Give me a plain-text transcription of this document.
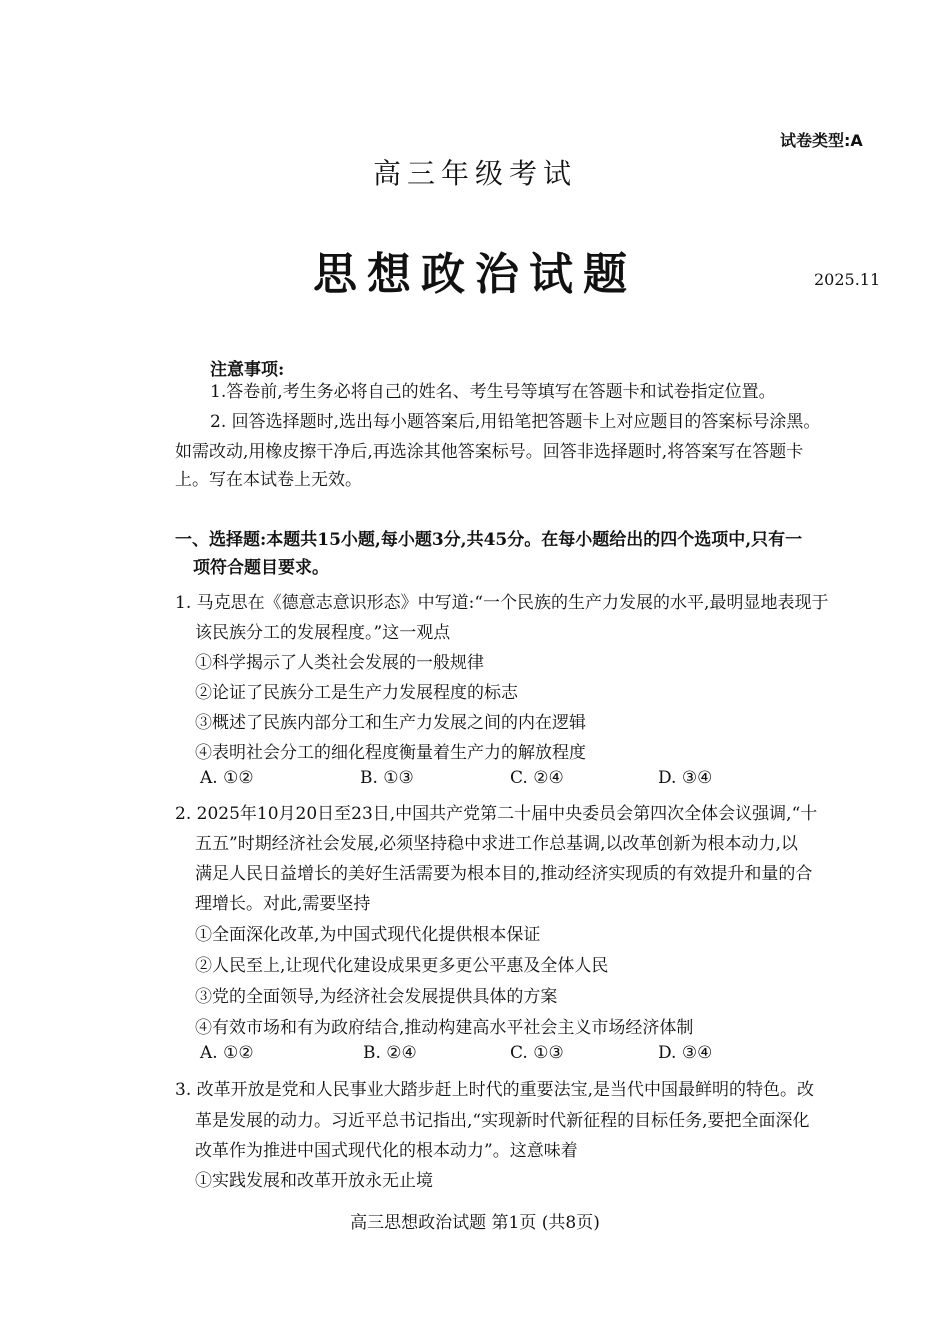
试卷类型:A
高三年级考试
思想政治试题	2025.11
注意事项:
1.答卷前,考生务必将自己的姓名、考生号等填写在答题卡和试卷指定位置。
2. 回答选择题时,选出每小题答案后,用铅笔把答题卡上对应题目的答案标号涂黑。
如需改动,用橡皮擦干净后,再选涂其他答案标号。回答非选择题时,将答案写在答题卡
上。写在本试卷上无效。
一、选择题:本题共15小题,每小题3分,共45分。在每小题给出的四个选项中,只有一
项符合题目要求。
1. 马克思在《德意志意识形态》中写道:“一个民族的生产力发展的水平,最明显地表现于
该民族分工的发展程度。”这一观点
①科学揭示了人类社会发展的一般规律
②论证了民族分工是生产力发展程度的标志
③概述了民族内部分工和生产力发展之间的内在逻辑
④表明社会分工的细化程度衡量着生产力的解放程度
A. ①②	B. ①③	C. ②④	D. ③④
2. 2025年10月20日至23日,中国共产党第二十届中央委员会第四次全体会议强调,“十
五五”时期经济社会发展,必须坚持稳中求进工作总基调,以改革创新为根本动力,以
满足人民日益增长的美好生活需要为根本目的,推动经济实现质的有效提升和量的合
理增长。对此,需要坚持
①全面深化改革,为中国式现代化提供根本保证
②人民至上,让现代化建设成果更多更公平惠及全体人民
③党的全面领导,为经济社会发展提供具体的方案
④有效市场和有为政府结合,推动构建高水平社会主义市场经济体制
A. ①②	B. ②④	C. ①③	D. ③④
3. 改革开放是党和人民事业大踏步赶上时代的重要法宝,是当代中国最鲜明的特色。改
革是发展的动力。习近平总书记指出,“实现新时代新征程的目标任务,要把全面深化
改革作为推进中国式现代化的根本动力”。这意味着
①实践发展和改革开放永无止境
高三思想政治试题 第1页 (共8页)
